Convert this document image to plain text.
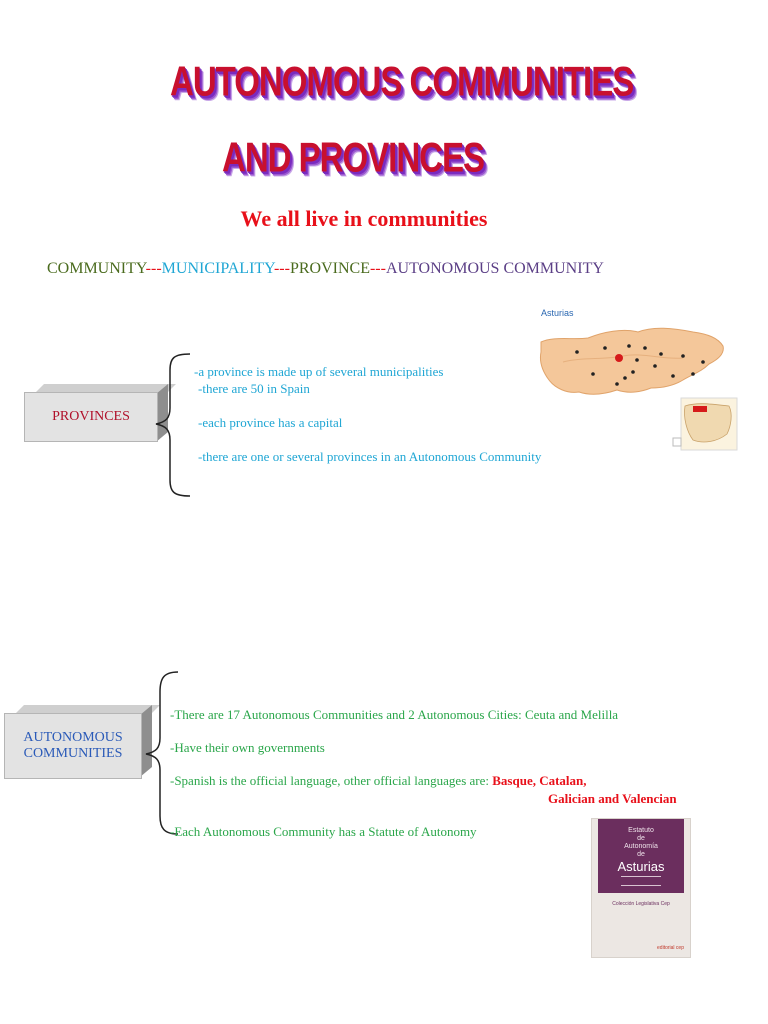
AUTONOMOUS COMMUNITIES
AND PROVINCES
We all live in communities
COMMUNITY---MUNICIPALITY---PROVINCE---AUTONOMOUS COMMUNITY
Asturias
PROVINCES
-a province is made up of several municipalities
-there are 50 in Spain
-each province has a capital
-there are one or several provinces in an Autonomous Community
AUTONOMOUS
COMMUNITIES
-There are 17 Autonomous Communities and 2 Autonomous Cities: Ceuta and Melilla
-Have their own governments
-Spanish is the official language, other official languages are: Basque, Catalan,
Galician and Valencian
-Each Autonomous Community has a Statute of Autonomy	Estatuto
de
Autonomía
de
Asturias
Colección Legislativa Cep
editorial cep
